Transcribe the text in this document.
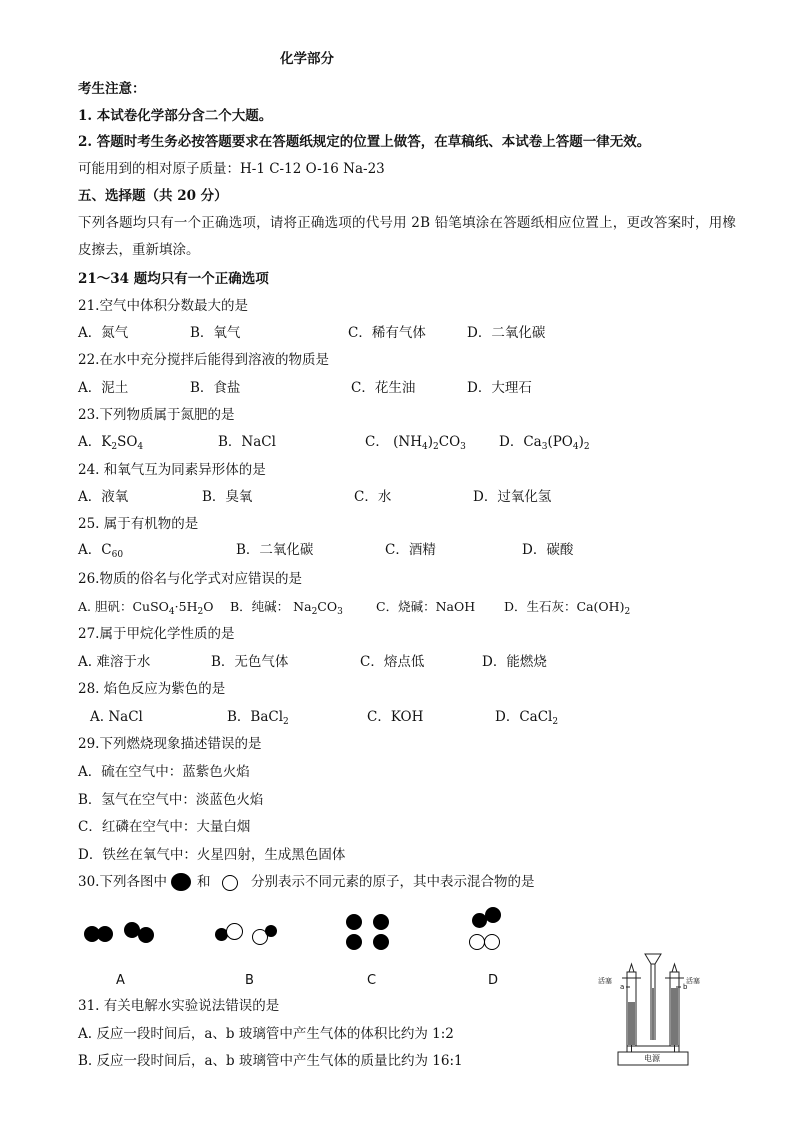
化学部分
考生注意：
1. 本试卷化学部分含二个大题。
2. 答题时考生务必按答题要求在答题纸规定的位置上做答，在草稿纸、本试卷上答题一律无效。
可能用到的相对原子质量：H-1 C-12 O-16 Na-23
五、选择题（共 20 分）
下列各题均只有一个正确选项，请将正确选项的代号用 2B 铅笔填涂在答题纸相应位置上，更改答案时，用橡
皮擦去，重新填涂。
21～34 题均只有一个正确选项
21.空气中体积分数最大的是
A．氮气	B．氧气	C．稀有气体	D．二氧化碳
22.在水中充分搅拌后能得到溶液的物质是
A．泥土	B．食盐	C．花生油	D．大理石
23.下列物质属于氮肥的是
A．$K_2SO_4$	B．NaCl	C． $(NH_4)_2CO_3$ D．$Ca_3(PO_4)_2$
24. 和氧气互为同素异形体的是
A．液氧	B．臭氧	C．水	D．过氧化氢
25. 属于有机物的是
A．$C_{60}$	B．二氧化碳	C．酒精	D．碳酸
26.物质的俗名与化学式对应错误的是
A. 胆矾：$CuSO_4\cdot 5H_2O$ B．纯碱： $Na_2CO_3$	C．烧碱：NaOH D．生石灰：$Ca(OH)_2$
27.属于甲烷化学性质的是
A. 难溶于水	B．无色气体	C．熔点低	D．能燃烧
28. 焰色反应为紫色的是
A. NaCl	B．BaCl$_2$	C．KOH	D．CaCl$_2$
29.下列燃烧现象描述错误的是
A．硫在空气中：蓝紫色火焰
B．氢气在空气中：淡蓝色火焰
C．红磷在空气中：大量白烟
D．铁丝在氧气中：火星四射，生成黑色固体
30.下列各图中 和	分别表示不同元素的原子，其中表示混合物的是
A	B	C	D
31. 有关电解水实验说法错误的是
A. 反应一段时间后，a、b 玻璃管中产生气体的体积比约为 1:2
B. 反应一段时间后，a、b 玻璃管中产生气体的质量比约为 16:1
活塞	活塞
a	b
电源
